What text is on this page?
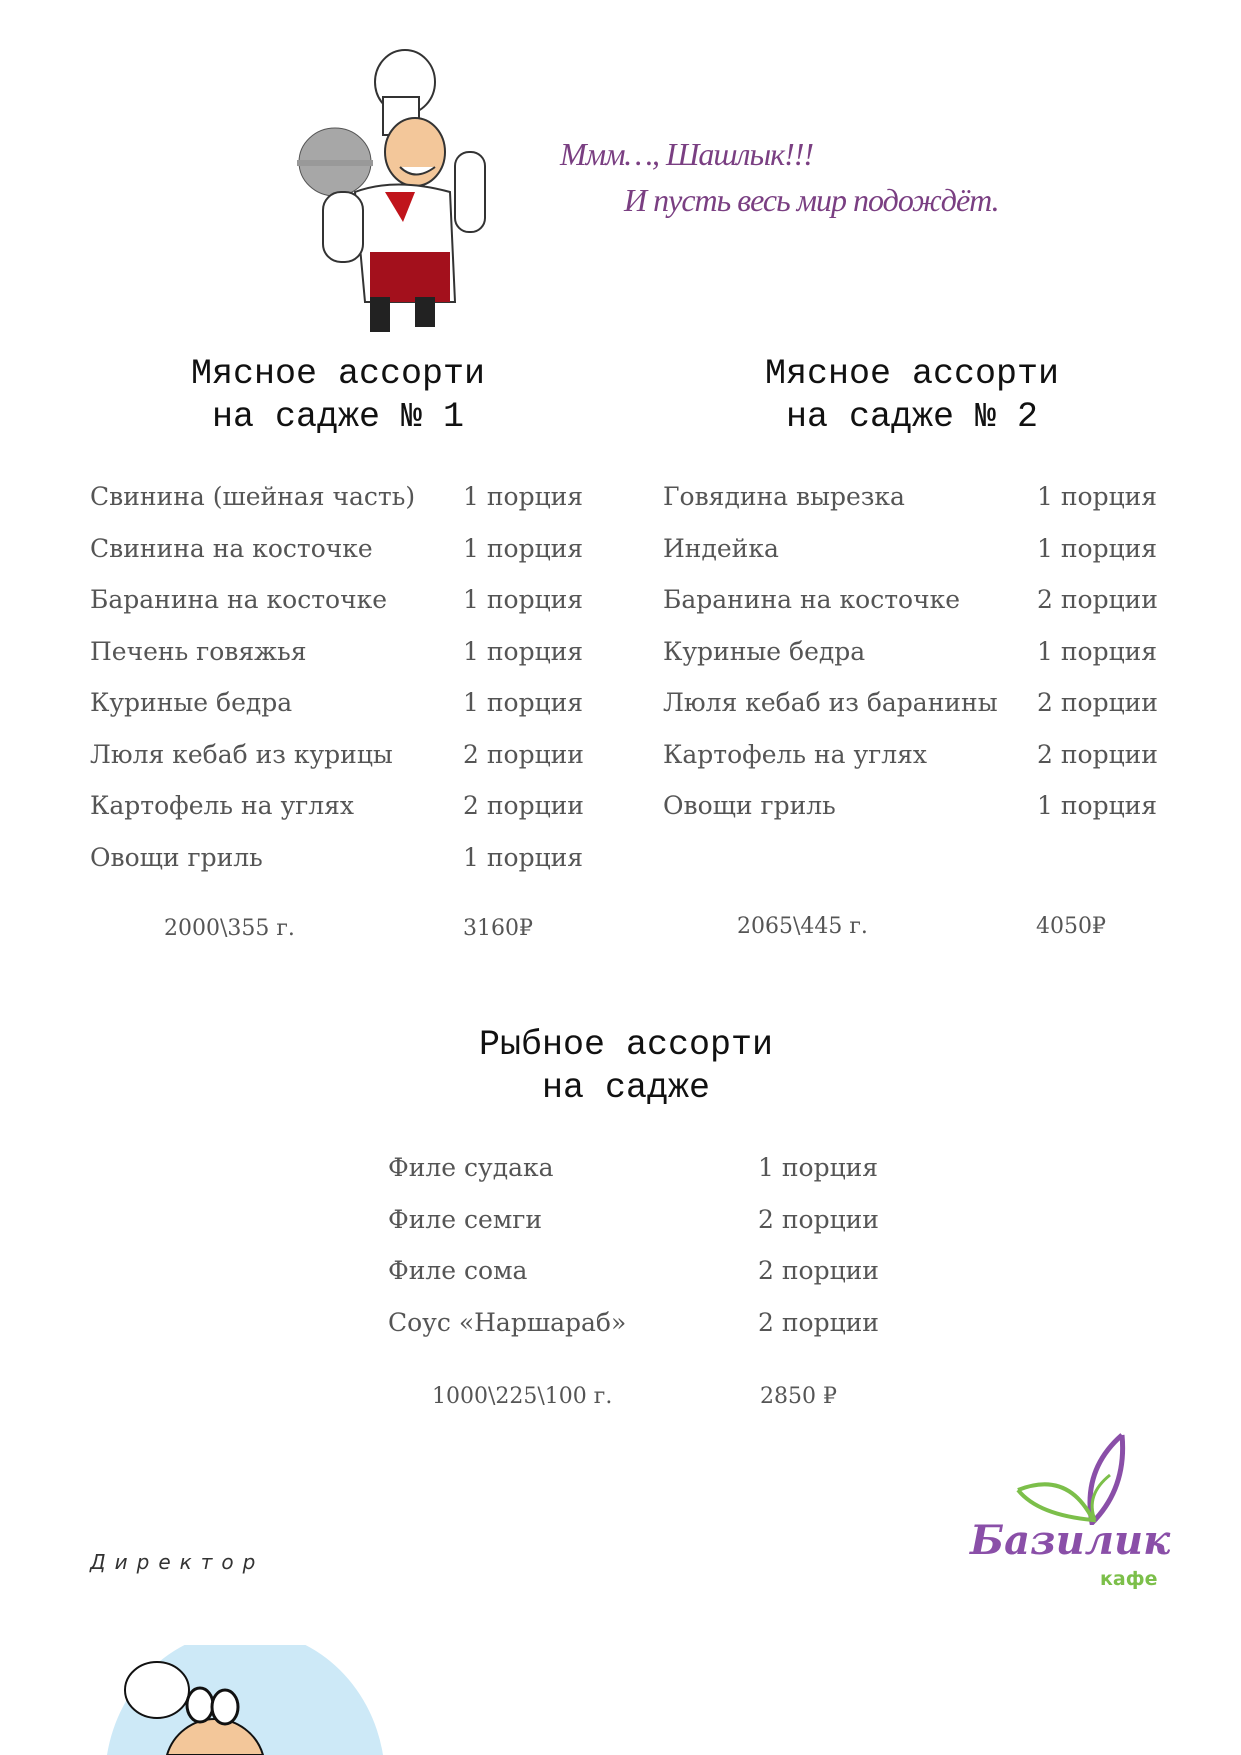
Ммм…, Шашлык!!!
И пусть весь мир подождёт.
Мясное ассорти
на садже № 1
Свинина (шейная часть) 1 порция
Свинина на косточке	1 порция
Баранина на косточке	1 порция
Печень говяжья	1 порция
Куриные бедра	1 порция
Люля кебаб из курицы	2 порции
Картофель на углях	2 порции
Овощи гриль	1 порция
2000\355 г.	3160₽
Мясное ассорти
на садже № 2
Говядина вырезка	1 порция
Индейка	1 порция
Баранина на косточке	2 порции
Куриные бедра	1 порция
Люля кебаб из баранины 2 порции
Картофель на углях	2 порции
Овощи гриль	1 порция
2065\445 г.	4050₽
Рыбное ассорти
на садже
Филе судака	1 порция
Филе семги	2 порции
Филе сома	2 порции
Соус «Наршараб»	2 порции
1000\225\100 г.	2850 ₽
Директор	Базилик
кафе
